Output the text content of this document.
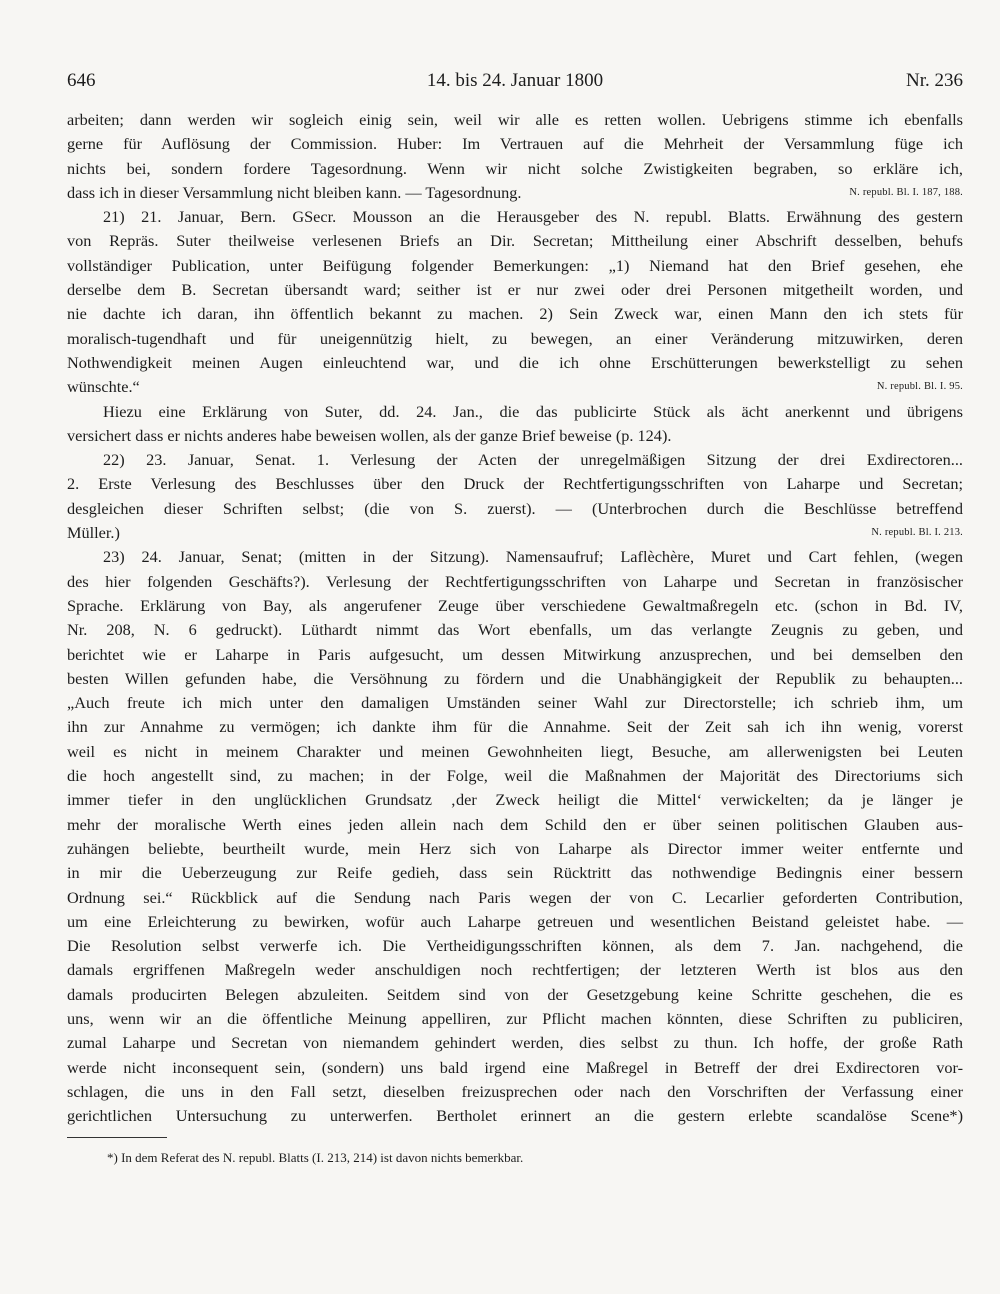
646	14. bis 24. Januar 1800	Nr. 236
arbeiten; dann werden wir sogleich einig sein, weil wir alle es retten wollen. Uebrigens stimme ich ebenfalls
gerne für Auflösung der Commission. Huber: Im Vertrauen auf die Mehrheit der Versammlung füge ich
nichts bei, sondern fordere Tagesordnung. Wenn wir nicht solche Zwistigkeiten begraben, so erkläre ich,
N. republ. Bl. I. 187, 188.
dass ich in dieser Versammlung nicht bleiben kann. — Tagesordnung.
21) 21. Januar, Bern. GSecr. Mousson an die Herausgeber des N. republ. Blatts. Erwähnung des gestern
von Repräs. Suter theilweise verlesenen Briefs an Dir. Secretan; Mittheilung einer Abschrift desselben, behufs
vollständiger Publication, unter Beifügung folgender Bemerkungen: „1) Niemand hat den Brief gesehen, ehe
derselbe dem B. Secretan übersandt ward; seither ist er nur zwei oder drei Personen mitgetheilt worden, und
nie dachte ich daran, ihn öffentlich bekannt zu machen. 2) Sein Zweck war, einen Mann den ich stets für
moralisch-tugendhaft und für uneigennützig hielt, zu bewegen, an einer Veränderung mitzuwirken, deren
Nothwendigkeit meinen Augen einleuchtend war, und die ich ohne Erschütterungen bewerkstelligt zu sehen
N. republ. Bl. I. 95.
wünschte.“
Hiezu eine Erklärung von Suter, dd. 24. Jan., die das publicirte Stück als ächt anerkennt und übrigens
versichert dass er nichts anderes habe beweisen wollen, als der ganze Brief beweise (p. 124).
22) 23. Januar, Senat. 1. Verlesung der Acten der unregelmäßigen Sitzung der drei Exdirectoren...
2. Erste Verlesung des Beschlusses über den Druck der Rechtfertigungsschriften von Laharpe und Secretan;
desgleichen dieser Schriften selbst; (die von S. zuerst). — (Unterbrochen durch die Beschlüsse betreffend
N. republ. Bl. I. 213.
Müller.)
23) 24. Januar, Senat; (mitten in der Sitzung). Namensaufruf; Laflèchère, Muret und Cart fehlen, (wegen
des hier folgenden Geschäfts?). Verlesung der Rechtfertigungsschriften von Laharpe und Secretan in französischer
Sprache. Erklärung von Bay, als angerufener Zeuge über verschiedene Gewaltmaßregeln etc. (schon in Bd. IV,
Nr. 208, N. 6 gedruckt). Lüthardt nimmt das Wort ebenfalls, um das verlangte Zeugnis zu geben, und
berichtet wie er Laharpe in Paris aufgesucht, um dessen Mitwirkung anzusprechen, und bei demselben den
besten Willen gefunden habe, die Versöhnung zu fördern und die Unabhängigkeit der Republik zu behaupten...
„Auch freute ich mich unter den damaligen Umständen seiner Wahl zur Directorstelle; ich schrieb ihm, um
ihn zur Annahme zu vermögen; ich dankte ihm für die Annahme. Seit der Zeit sah ich ihn wenig, vorerst
weil es nicht in meinem Charakter und meinen Gewohnheiten liegt, Besuche, am allerwenigsten bei Leuten
die hoch angestellt sind, zu machen; in der Folge, weil die Maßnahmen der Majorität des Directoriums sich
immer tiefer in den unglücklichen Grundsatz ‚der Zweck heiligt die Mittel‘ verwickelten; da je länger je
mehr der moralische Werth eines jeden allein nach dem Schild den er über seinen politischen Glauben aus-
zuhängen beliebte, beurtheilt wurde, mein Herz sich von Laharpe als Director immer weiter entfernte und
in mir die Ueberzeugung zur Reife gedieh, dass sein Rücktritt das nothwendige Bedingnis einer bessern
Ordnung sei.“ Rückblick auf die Sendung nach Paris wegen der von C. Lecarlier geforderten Contribution,
um eine Erleichterung zu bewirken, wofür auch Laharpe getreuen und wesentlichen Beistand geleistet habe. —
Die Resolution selbst verwerfe ich. Die Vertheidigungsschriften können, als dem 7. Jan. nachgehend, die
damals ergriffenen Maßregeln weder anschuldigen noch rechtfertigen; der letzteren Werth ist blos aus den
damals producirten Belegen abzuleiten. Seitdem sind von der Gesetzgebung keine Schritte geschehen, die es
uns, wenn wir an die öffentliche Meinung appelliren, zur Pflicht machen könnten, diese Schriften zu publiciren,
zumal Laharpe und Secretan von niemandem gehindert werden, dies selbst zu thun. Ich hoffe, der große Rath
werde nicht inconsequent sein, (sondern) uns bald irgend eine Maßregel in Betreff der drei Exdirectoren vor-
schlagen, die uns in den Fall setzt, dieselben freizusprechen oder nach den Vorschriften der Verfassung einer
gerichtlichen Untersuchung zu unterwerfen. Bertholet erinnert an die gestern erlebte scandalöse Scene*)
*) In dem Referat des N. republ. Blatts (I. 213, 214) ist davon nichts bemerkbar.
